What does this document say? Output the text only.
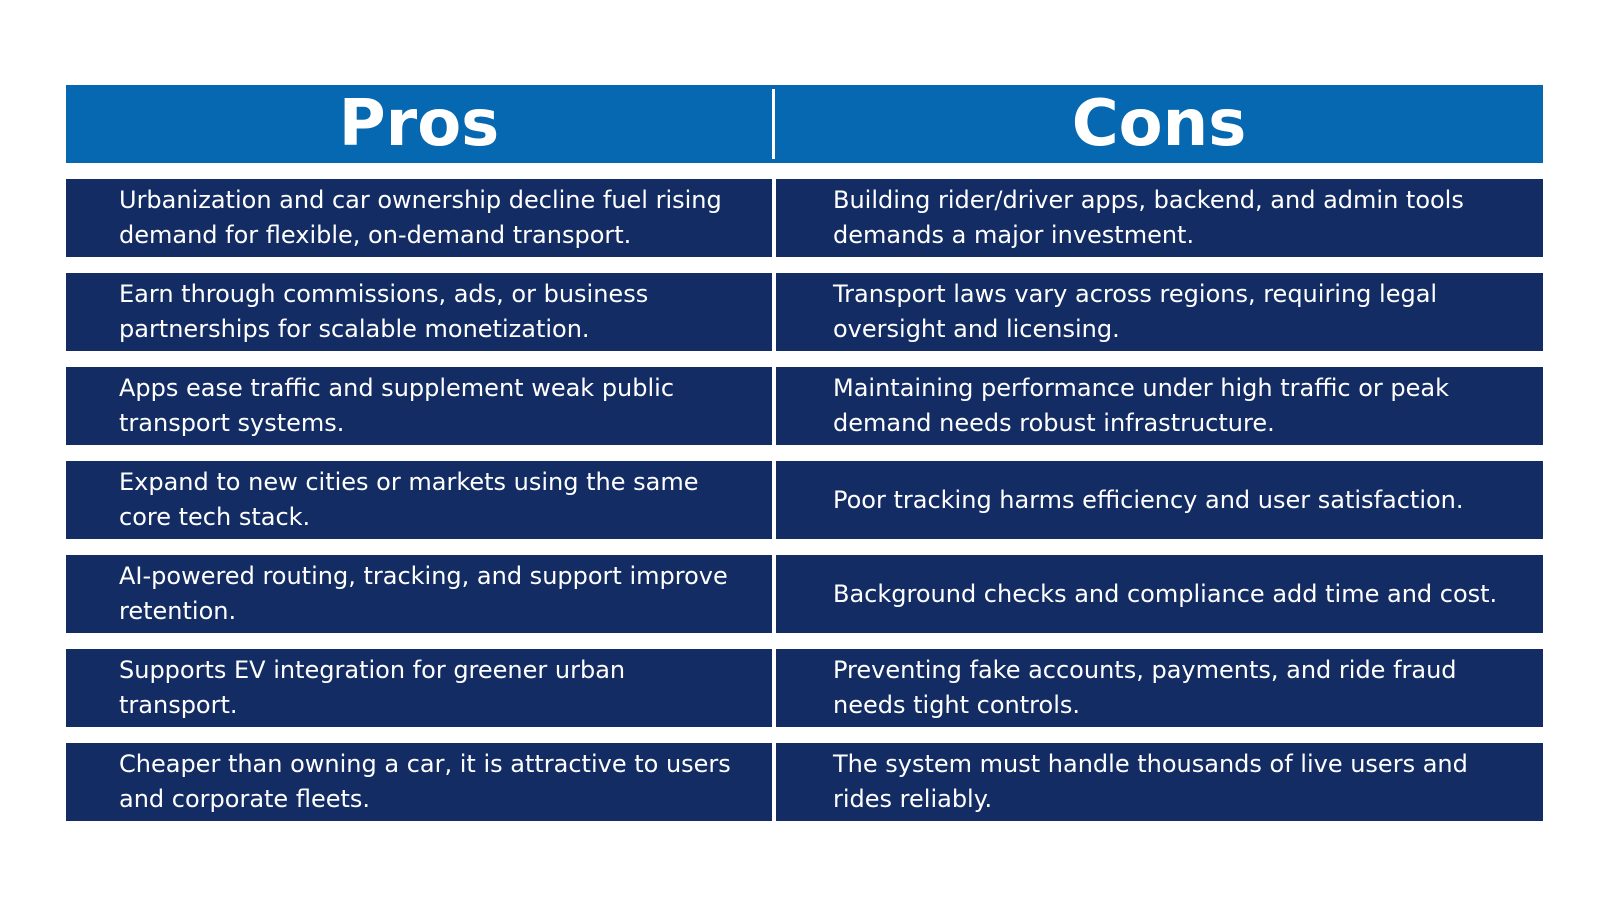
Pros	Cons
Urbanization and car ownership decline fuel rising demand for flexible, on-demand transport.
Building rider/driver apps, backend, and admin tools demands a major investment.
Earn through commissions, ads, or business partnerships for scalable monetization.
Transport laws vary across regions, requiring legal oversight and licensing.
Apps ease traffic and supplement weak public transport systems.
Maintaining performance under high traffic or peak demand needs robust infrastructure.
Expand to new cities or markets using the same core tech stack.
Poor tracking harms efficiency and user satisfaction.
AI-powered routing, tracking, and support improve retention.
Background checks and compliance add time and cost.
Supports EV integration for greener urban transport.
Preventing fake accounts, payments, and ride fraud needs tight controls.
Cheaper than owning a car, it is attractive to users and corporate fleets.
The system must handle thousands of live users and rides reliably.
